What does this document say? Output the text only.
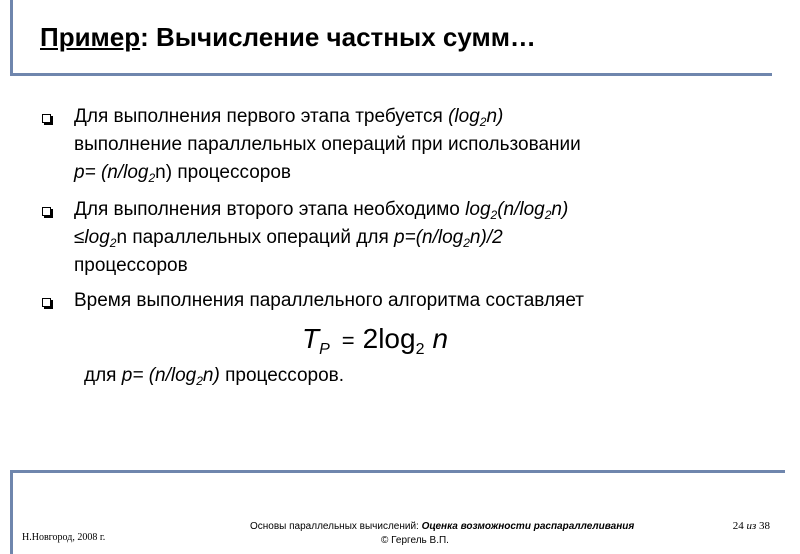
Пример: Вычисление частных сумм…
Для выполнения первого этапа требуется $(\log_2n)$
выполнение параллельных операций при использовании
$p= (n/\log_2n)$ процессоров
Для выполнения второго этапа необходимо $\log_2(n/\log_2n)$
$\le\log_2n$ параллельных операций для $p=(n/\log_2n)/2$
процессоров
Время выполнения параллельного алгоритма составляет
$T_P = 2\log_2$ n
для $p= (n/\log_2n)$ процессоров.
Н.Новгород, 2008 г.
Основы параллельных вычислений: Оценка возможности распараллеливания
© Гергель В.П.
24 из 38
